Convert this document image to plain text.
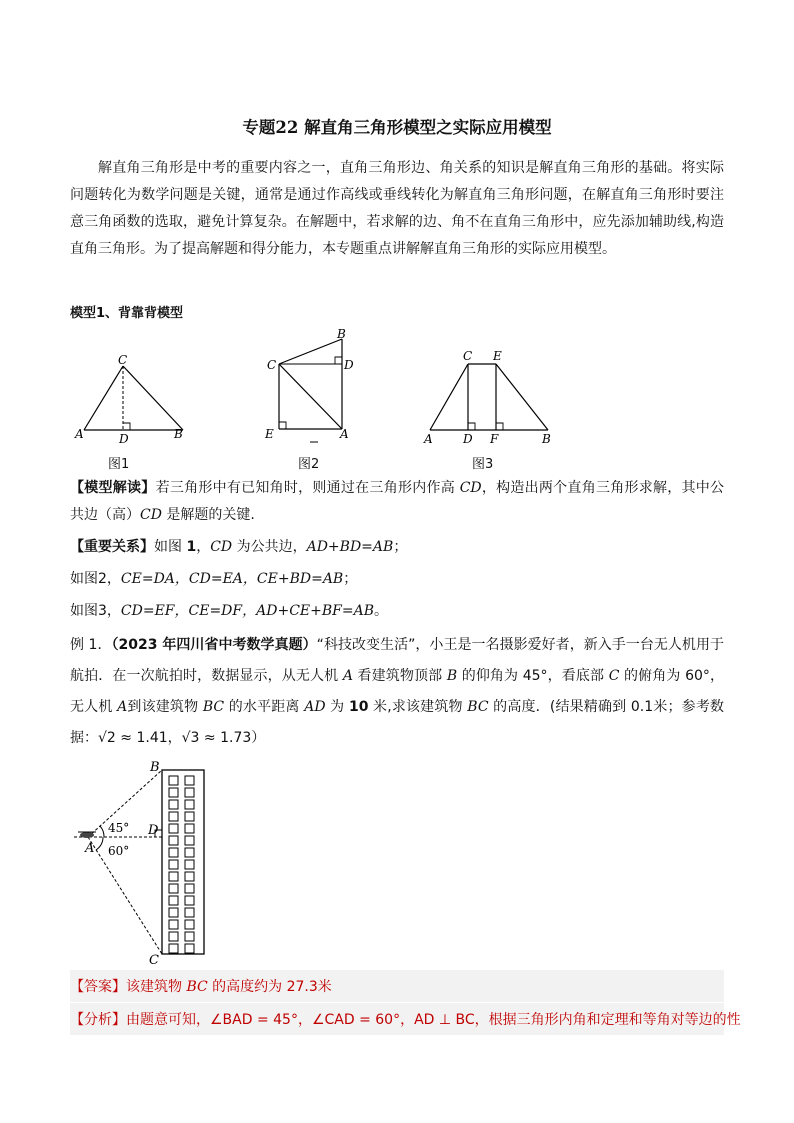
专题22 解直角三角形模型之实际应用模型

解直角三角形是中考的重要内容之一，直角三角形边、角关系的知识是解直角三角形的基础。将实际问题转化为数学问题是关键，通常是通过作高线或垂线转化为解直角三角形问题，在解直角三角形时要注意三角函数的选取，避免计算复杂。在解题中，若求解的边、角不在直角三角形中，应先添加辅助线,构造直角三角形。为了提高解题和得分能力，本专题重点讲解解直角三角形的实际应用模型。

模型1、背靠背模型
C
A	D	B
图1
B
C	D
E	A
图2
C E
A	D F	B
图3

【模型解读】若三角形中有已知角时，则通过在三角形内作高 CD，构造出两个直角三角形求解，其中公共边（高）CD 是解题的关键.

【重要关系】如图 1，CD 为公共边，AD+BD=AB；

如图2，CE=DA，CD=EA，CE+BD=AB；

如图3，CD=EF，CE=DF，AD+CE+BF=AB。

例 1．（2023 年四川省中考数学真题）“科技改变生活”，小王是一名摄影爱好者，新入手一台无人机用于航拍．在一次航拍时，数据显示，从无人机 A 看建筑物顶部 B 的仰角为 45°，看底部 C 的俯角为 60°，无人机 A到该建筑物 BC 的水平距离 AD 为 10 米,求该建筑物 BC 的高度．(结果精确到 0.1米；参考数据：√2 ≈ 1.41，√3 ≈ 1.73）

B
D
A
C
45°
60°
【答案】该建筑物 BC 的高度约为 27.3米
【分析】由题意可知，∠BAD = 45°，∠CAD = 60°，AD ⊥ BC，根据三角形内角和定理和等角对等边的性
